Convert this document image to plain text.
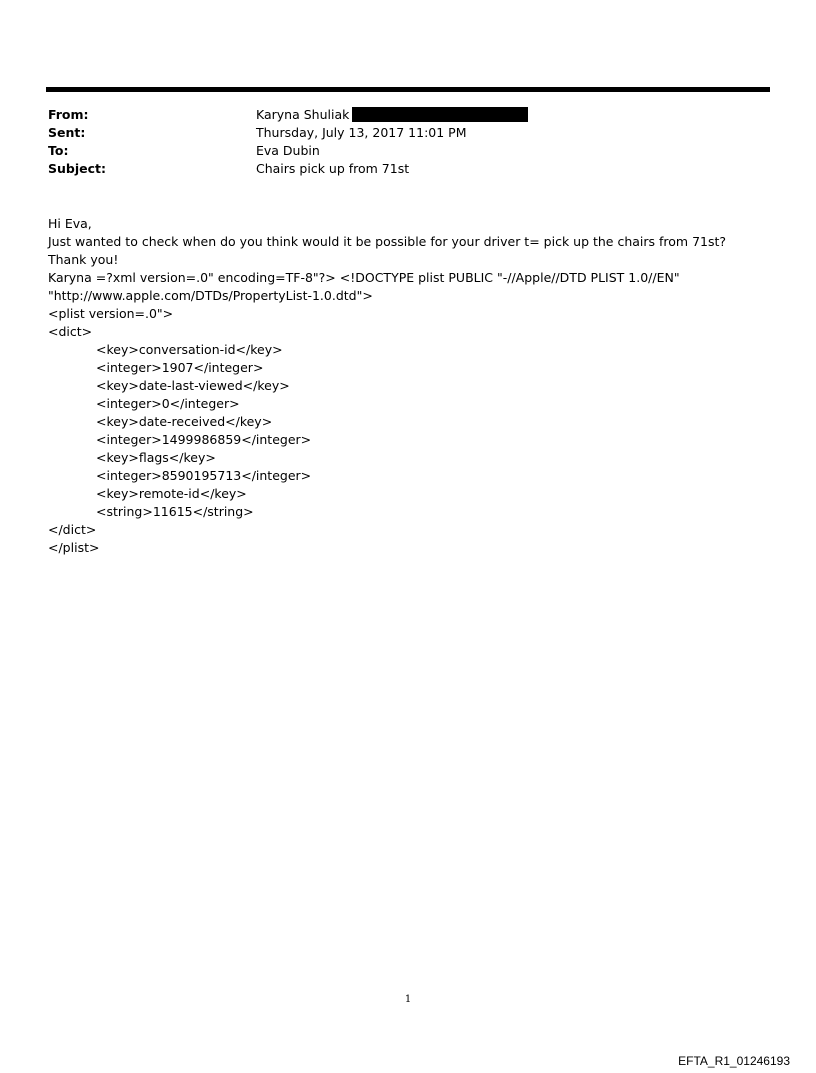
From:	Karyna Shuliak
Sent:	Thursday, July 13, 2017 11:01 PM
To:	Eva Dubin
Subject:	Chairs pick up from 71st
Hi Eva,
Just wanted to check when do you think would it be possible for your driver t= pick up the chairs from 71st?
Thank you!
Karyna =?xml version=.0" encoding=TF-8"?> <!DOCTYPE plist PUBLIC "-//Apple//DTD PLIST 1.0//EN"
"http://www.apple.com/DTDs/PropertyList-1.0.dtd">
<plist version=.0">
<dict>
<key>conversation-id</key>
<integer>1907</integer>
<key>date-last-viewed</key>
<integer>0</integer>
<key>date-received</key>
<integer>1499986859</integer>
<key>flags</key>
<integer>8590195713</integer>
<key>remote-id</key>
<string>11615</string>
</dict>
</plist>
1
EFTA_R1_01246193
